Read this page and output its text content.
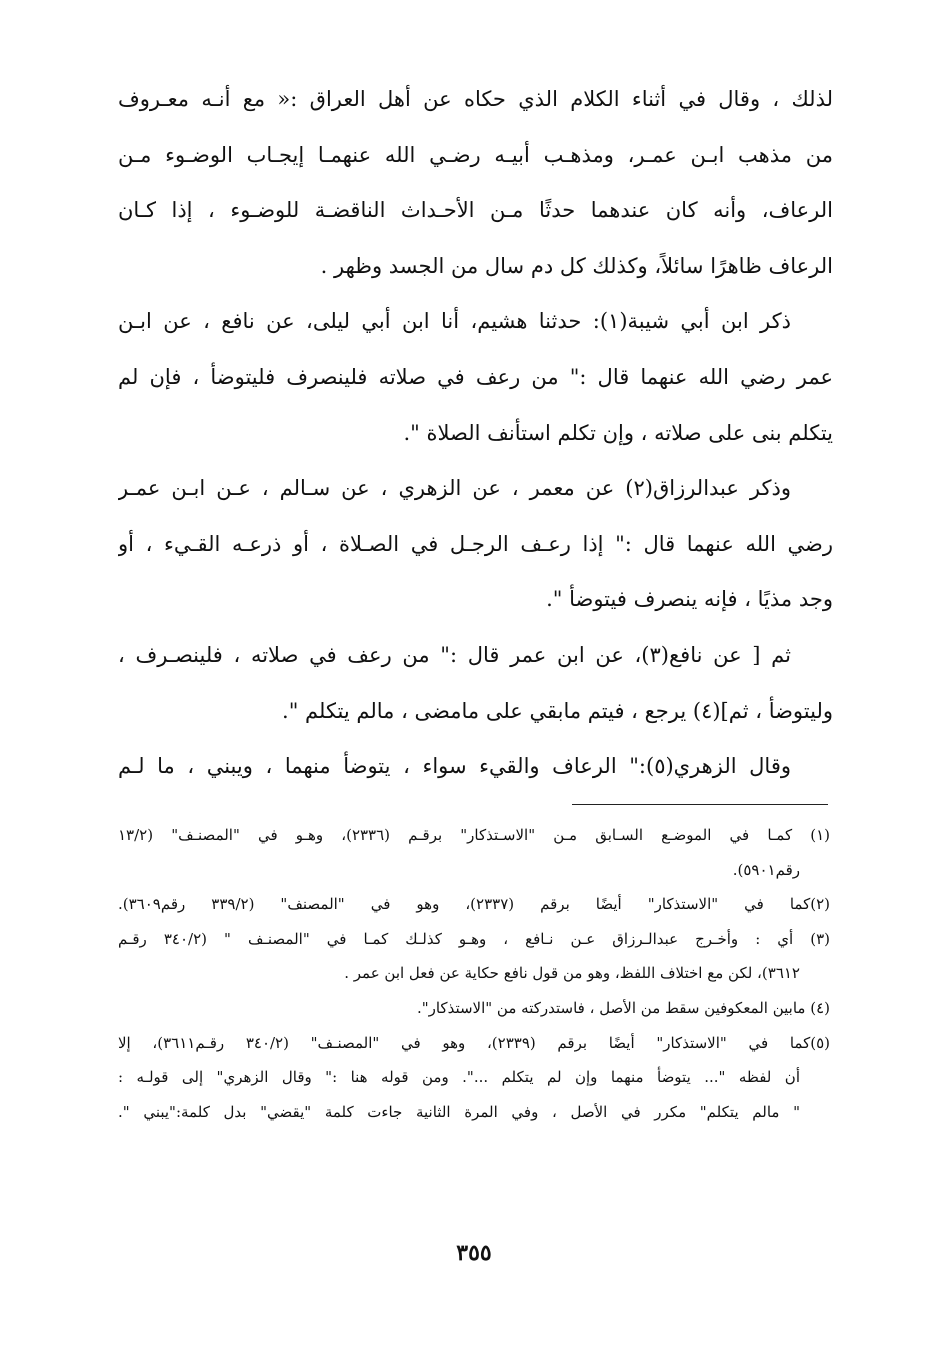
لذلك ، وقال في أثناء الكلام الذي حكاه عن أهل العراق :« مع أنـه معـروف
من مذهب ابـن عمـر، ومذهـب أبيـه رضـي الله عنهمـا إيجـاب الوضـوء مـن
الرعاف، وأنه كان عندهما حدثًا مـن الأحـداث الناقضـة للوضـوء ، إذا كـان
الرعاف ظاهرًا سائلاً، وكذلك كل دم سال من الجسد وظهر .
ذكر ابن أبي شيبة(١): حدثنا هشيم، أنا ابن أبي ليلى، عن نافع ، عن ابـن
عمر رضي الله عنهما قال :" من رعف في صلاته فلينصرف فليتوضأ ، فإن لم
يتكلم بنى على صلاته ، وإن تكلم استأنف الصلاة ".
وذكر عبدالرزاق(٢) عن معمر ، عن الزهري ، عن سـالم ، عـن ابـن عمـر
رضي الله عنهما قال :" إذا رعـف الرجـل في الصـلاة ، أو ذرعـه القـيء ، أو
وجد مذيًا ، فإنه ينصرف فيتوضأ ".
ثم [ عن نافع(٣)، عن ابن عمر قال :" من رعف في صلاته ، فلينصـرف ،
وليتوضأ ، ثم](٤) يرجع ، فيتم مابقي على مامضى ، مالم يتكلم ".
وقال الزهري(٥):" الرعاف والقيء سواء ، يتوضأ منهما ، ويبني ، ما لـم
(١) كمـا في الموضـع السـابق مـن "الاسـتذكار" برقـم (٢٣٣٦)، وهـو في "المصنـف" (١٣/٢
رقم٥٩٠١).
(٢)كما في "الاستذكار" أيضًا برقم (٢٣٣٧)، وهو في "المصنف" (٣٣٩/٢ رقم٣٦٠٩).
(٣) أي : وأخـرج عبدالـرزاق عـن نـافع ، وهـو كذلـك كمـا في "المصنـف " (٣٤٠/٢ رقـم
٣٦١٢)، لكن مع اختلاف اللفظ، وهو من قول نافع حكاية عن فعل ابن عمر .
(٤) مابين المعكوفين سقط من الأصل ، فاستدركته من "الاستذكار".
(٥)كما في "الاستذكار" أيضًا برقم (٢٣٣٩)، وهو في "المصنـف" (٣٤٠/٢ رقـم٣٦١١)، إلا
أن لفظه "... يتوضأ منهما وإن لم يتكلم ...". ومن قوله هنا :" وقال الزهري" إلى قولـه :
" مالم يتكلم" مكرر في الأصل ، وفي المرة الثانية جاءت كلمة "يقضي" بدل كلمة:"يبني ".
٣٥٥
